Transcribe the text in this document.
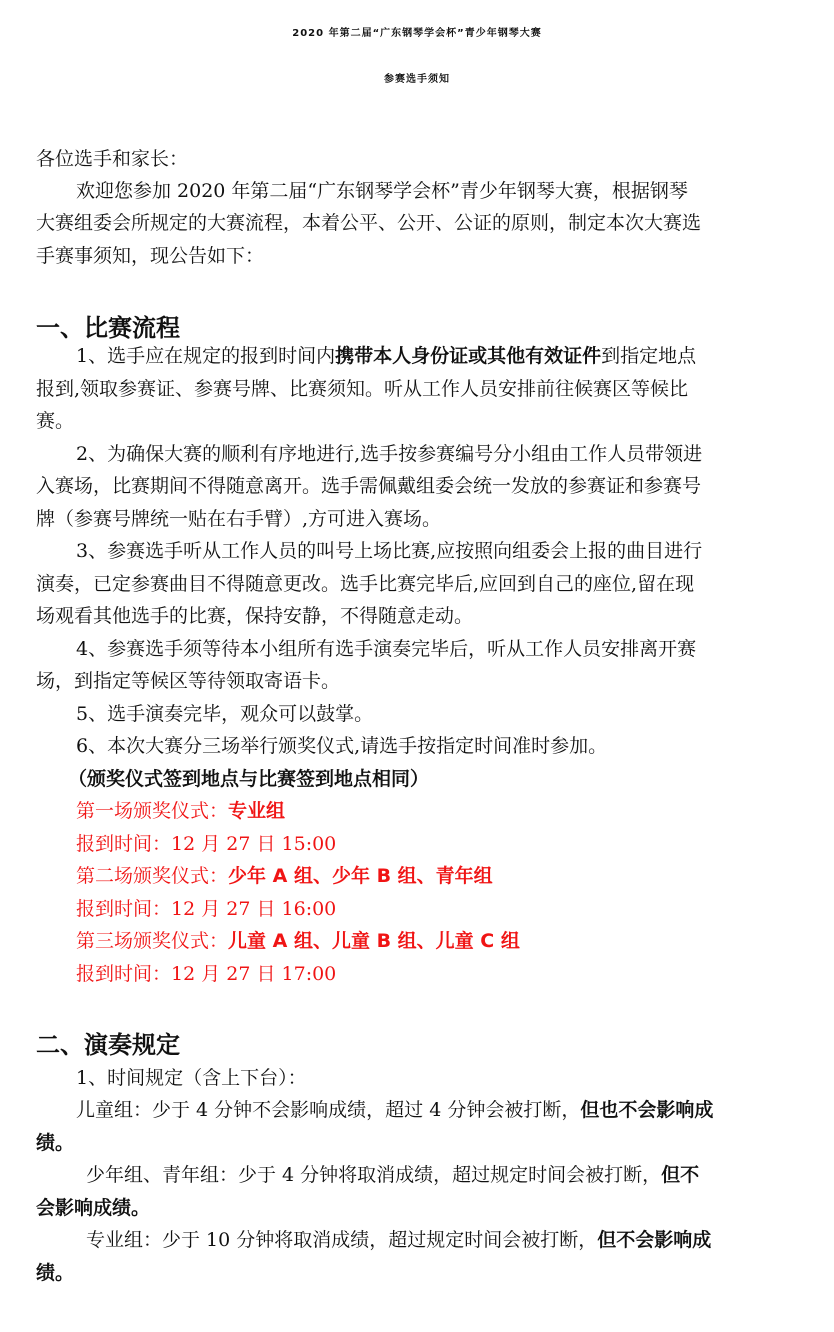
2020 年第二届“广东钢琴学会杯”青少年钢琴大赛
参赛选手须知
各位选手和家长：
欢迎您参加 2020 年第二届“广东钢琴学会杯”青少年钢琴大赛，根据钢琴
大赛组委会所规定的大赛流程，本着公平、公开、公证的原则，制定本次大赛选
手赛事须知，现公告如下：
一、比赛流程
1、选手应在规定的报到时间内携带本人身份证或其他有效证件到指定地点
报到,领取参赛证、参赛号牌、比赛须知。听从工作人员安排前往候赛区等候比
赛。
2、为确保大赛的顺利有序地进行,选手按参赛编号分小组由工作人员带领进
入赛场，比赛期间不得随意离开。选手需佩戴组委会统一发放的参赛证和参赛号
牌（参赛号牌统一贴在右手臂）,方可进入赛场。
3、参赛选手听从工作人员的叫号上场比赛,应按照向组委会上报的曲目进行
演奏，已定参赛曲目不得随意更改。选手比赛完毕后,应回到自己的座位,留在现
场观看其他选手的比赛，保持安静，不得随意走动。
4、参赛选手须等待本小组所有选手演奏完毕后，听从工作人员安排离开赛
场，到指定等候区等待领取寄语卡。
5、选手演奏完毕，观众可以鼓掌。
6、本次大赛分三场举行颁奖仪式,请选手按指定时间准时参加。
（颁奖仪式签到地点与比赛签到地点相同）
第一场颁奖仪式：专业组
报到时间：12 月 27 日 15:00
第二场颁奖仪式：少年 A 组、少年 B 组、青年组
报到时间：12 月 27 日 16:00
第三场颁奖仪式：儿童 A 组、儿童 B 组、儿童 C 组
报到时间：12 月 27 日 17:00
二、演奏规定
1、时间规定（含上下台）：
儿童组：少于 4 分钟不会影响成绩，超过 4 分钟会被打断，但也不会影响成
绩。
少年组、青年组：少于 4 分钟将取消成绩，超过规定时间会被打断，但不
会影响成绩。
专业组：少于 10 分钟将取消成绩，超过规定时间会被打断，但不会影响成
绩。
